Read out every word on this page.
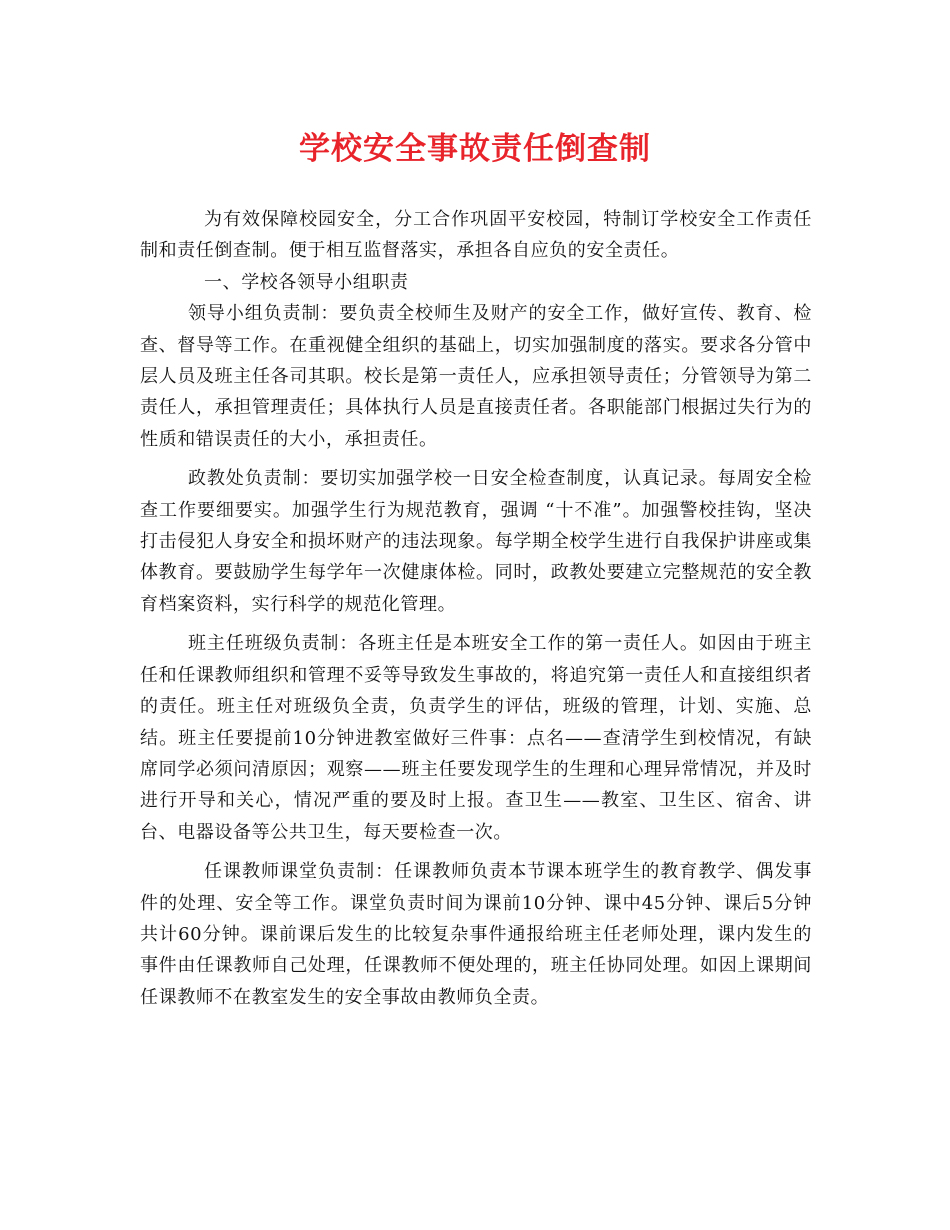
学校安全事故责任倒查制

为有效保障校园安全，分工合作巩固平安校园，特制订学校安全工作责任制和责任倒查制。便于相互监督落实，承担各自应负的安全责任。

一、学校各领导小组职责

领导小组负责制：要负责全校师生及财产的安全工作，做好宣传、教育、检查、督导等工作。在重视健全组织的基础上，切实加强制度的落实。要求各分管中层人员及班主任各司其职。校长是第一责任人，应承担领导责任；分管领导为第二责任人，承担管理责任；具体执行人员是直接责任者。各职能部门根据过失行为的性质和错误责任的大小，承担责任。

政教处负责制：要切实加强学校一日安全检查制度，认真记录。每周安全检查工作要细要实。加强学生行为规范教育，强调 “十不准”。加强警校挂钩，坚决打击侵犯人身安全和损坏财产的违法现象。每学期全校学生进行自我保护讲座或集体教育。要鼓励学生每学年一次健康体检。同时，政教处要建立完整规范的安全教育档案资料，实行科学的规范化管理。

班主任班级负责制：各班主任是本班安全工作的第一责任人。如因由于班主任和任课教师组织和管理不妥等导致发生事故的，将追究第一责任人和直接组织者的责任。班主任对班级负全责，负责学生的评估，班级的管理，计划、实施、总结。班主任要提前10分钟进教室做好三件事：点名——查清学生到校情况，有缺席同学必须问清原因；观察——班主任要发现学生的生理和心理异常情况，并及时进行开导和关心，情况严重的要及时上报。查卫生——教室、卫生区、宿舍、讲台、电器设备等公共卫生，每天要检查一次。

任课教师课堂负责制：任课教师负责本节课本班学生的教育教学、偶发事件的处理、安全等工作。课堂负责时间为课前10分钟、课中45分钟、课后5分钟共计60分钟。课前课后发生的比较复杂事件通报给班主任老师处理，课内发生的事件由任课教师自己处理，任课教师不便处理的，班主任协同处理。如因上课期间任课教师不在教室发生的安全事故由教师负全责。
